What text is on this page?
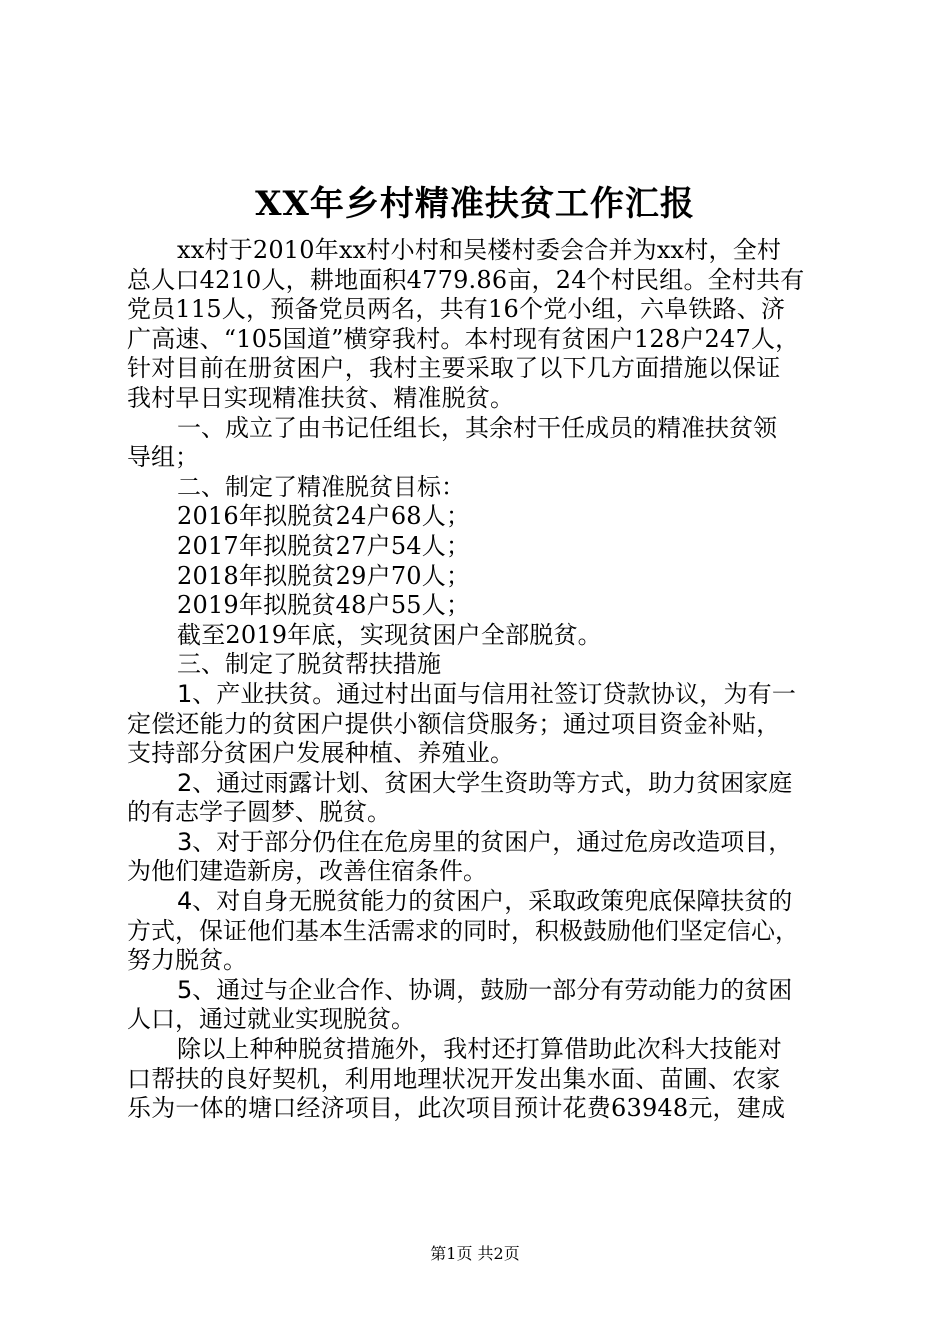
XX年乡村精准扶贫工作汇报
xx村于2010年xx村小村和吴楼村委会合并为xx村，全村
总人口4210人，耕地面积4779.86亩，24个村民组。全村共有
党员115人，预备党员两名，共有16个党小组，六阜铁路、济
广高速、“105国道”横穿我村。本村现有贫困户128户247人，
针对目前在册贫困户，我村主要采取了以下几方面措施以保证
我村早日实现精准扶贫、精准脱贫。
一、成立了由书记任组长，其余村干任成员的精准扶贫领
导组；
二、制定了精准脱贫目标：
2016年拟脱贫24户68人；
2017年拟脱贫27户54人；
2018年拟脱贫29户70人；
2019年拟脱贫48户55人；
截至2019年底，实现贫困户全部脱贫。
三、制定了脱贫帮扶措施
1、产业扶贫。通过村出面与信用社签订贷款协议，为有一
定偿还能力的贫困户提供小额信贷服务；通过项目资金补贴，
支持部分贫困户发展种植、养殖业。
2、通过雨露计划、贫困大学生资助等方式，助力贫困家庭
的有志学子圆梦、脱贫。
3、对于部分仍住在危房里的贫困户，通过危房改造项目，
为他们建造新房，改善住宿条件。
4、对自身无脱贫能力的贫困户，采取政策兜底保障扶贫的
方式，保证他们基本生活需求的同时，积极鼓励他们坚定信心，
努力脱贫。
5、通过与企业合作、协调，鼓励一部分有劳动能力的贫困
人口，通过就业实现脱贫。
除以上种种脱贫措施外，我村还打算借助此次科大技能对
口帮扶的良好契机，利用地理状况开发出集水面、苗圃、农家
乐为一体的塘口经济项目，此次项目预计花费63948元，建成
第1页 共2页
